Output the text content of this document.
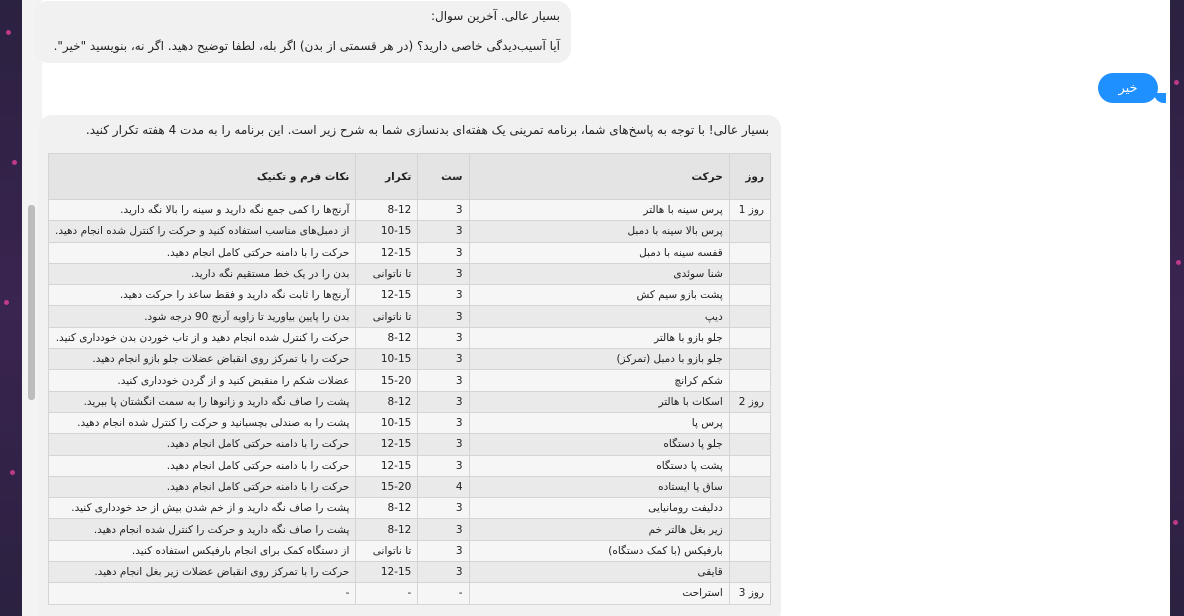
بسیار عالی. آخرین سوال:
آیا آسیب‌دیدگی خاصی دارید؟ (در هر قسمتی از بدن) اگر بله، لطفا توضیح دهید. اگر نه، بنویسید "خیر".
خیر
بسیار عالی! با توجه به پاسخ‌های شما، برنامه تمرینی یک هفته‌ای بدنسازی شما به شرح زیر است. این برنامه را به مدت 4 هفته تکرار کنید.
روز	حرکت	ست	تکرار	نکات فرم و تکنیک
روز 1	پرس سینه با هالتر	3	8-12	آرنج‌ها را کمی جمع نگه دارید و سینه را بالا نگه دارید.
	پرس بالا سینه با دمبل	3	10-15	از دمبل‌های مناسب استفاده کنید و حرکت را کنترل شده انجام دهید.
	قفسه سینه با دمبل	3	12-15	حرکت را با دامنه حرکتی کامل انجام دهید.
	شنا سوئدی	3	تا ناتوانی	بدن را در یک خط مستقیم نگه دارید.
	پشت بازو سیم کش	3	12-15	آرنج‌ها را ثابت نگه دارید و فقط ساعد را حرکت دهید.
	دیپ	3	تا ناتوانی	بدن را پایین بیاورید تا زاویه آرنج 90 درجه شود.
	جلو بازو با هالتر	3	8-12	حرکت را کنترل شده انجام دهید و از تاب خوردن بدن خودداری کنید.
	جلو بازو با دمبل (تمرکز)	3	10-15	حرکت را با تمرکز روی انقباض عضلات جلو بازو انجام دهید.
	شکم کرانچ	3	15-20	عضلات شکم را منقبض کنید و از گردن خودداری کنید.
روز 2	اسکات با هالتر	3	8-12	پشت را صاف نگه دارید و زانوها را به سمت انگشتان پا ببرید.
	پرس پا	3	10-15	پشت را به صندلی بچسبانید و حرکت را کنترل شده انجام دهید.
	جلو پا دستگاه	3	12-15	حرکت را با دامنه حرکتی کامل انجام دهید.
	پشت پا دستگاه	3	12-15	حرکت را با دامنه حرکتی کامل انجام دهید.
	ساق پا ایستاده	4	15-20	حرکت را با دامنه حرکتی کامل انجام دهید.
	ددلیفت رومانیایی	3	8-12	پشت را صاف نگه دارید و از خم شدن بیش از حد خودداری کنید.
	زیر بغل هالتر خم	3	8-12	پشت را صاف نگه دارید و حرکت را کنترل شده انجام دهید.
	بارفیکس (با کمک دستگاه)	3	تا ناتوانی	از دستگاه کمک برای انجام بارفیکس استفاده کنید.
	قایقی	3	12-15	حرکت را با تمرکز روی انقباض عضلات زیر بغل انجام دهید.
روز 3	استراحت	-	-	-
